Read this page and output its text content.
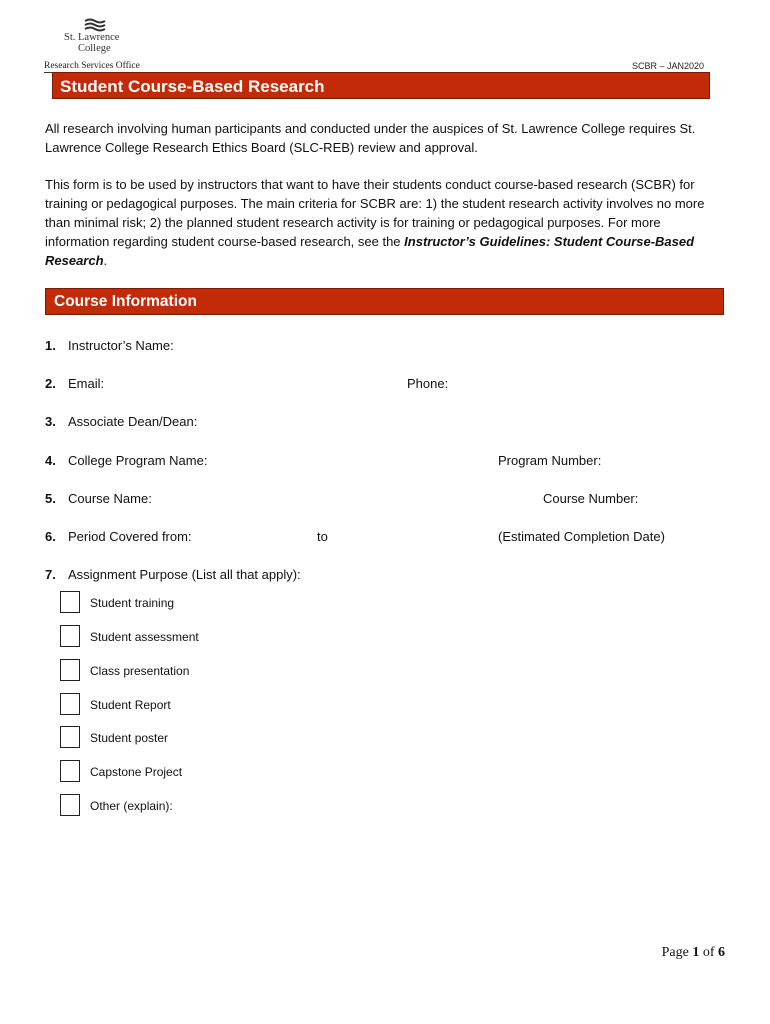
St. Lawrence
College
Research Services Office	SCBR – JAN2020
Student Course-Based Research

All research involving human participants and conducted under the auspices of St. Lawrence College requires St. Lawrence College Research Ethics Board (SLC-REB) review and approval.

This form is to be used by instructors that want to have their students conduct course-based research (SCBR) for training or pedagogical purposes. The main criteria for SCBR are: 1) the student research activity involves no more than minimal risk; 2) the planned student research activity is for training or pedagogical purposes. For more information regarding student course-based research, see the Instructor’s Guidelines: Student Course-Based Research.

Course Information
1. Instructor’s Name:
2. Email:	Phone:
3. Associate Dean/Dean:
4. College Program Name:	Program Number:
5. Course Name:	Course Number:
6. Period Covered from:	to	(Estimated Completion Date)
7. Assignment Purpose (List all that apply):
Student training
Student assessment
Class presentation
Student Report
Student poster
Capstone Project
Other (explain):
Page 1 of 6
